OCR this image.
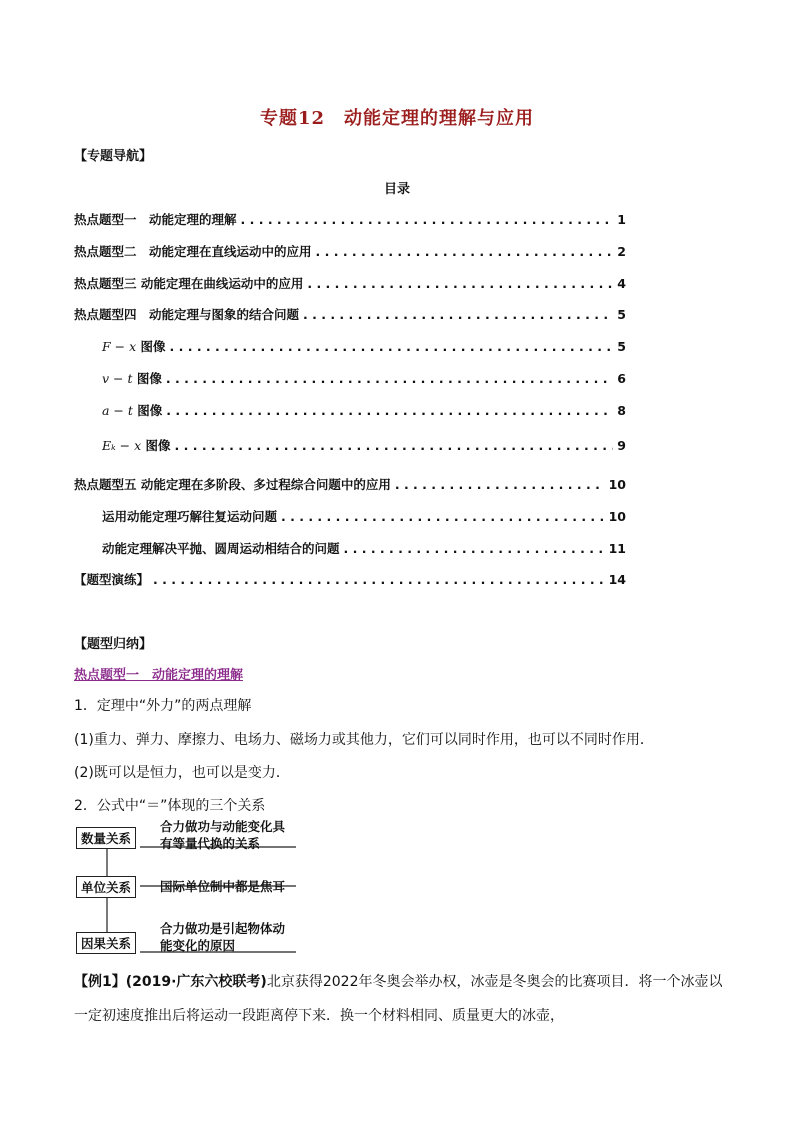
专题12　动能定理的理解与应用
【专题导航】
目录
热点题型一　动能定理的理解 . . .	1
热点题型二　动能定理在直线运动中的应用 . . .	2
热点题型三 动能定理在曲线运动中的应用 . . .	4
热点题型四　动能定理与图象的结合问题 . . .	5
F − x 图像 . . .	5
v − t 图像 . . .	6
a − t 图像 . . .	8
Eₖ − x 图像 . . .	9
热点题型五 动能定理在多阶段、多过程综合问题中的应用 . . .	10
运用动能定理巧解往复运动问题 . . .	10
动能定理解决平抛、圆周运动相结合的问题 . . .	11
【题型演练】 . . .	14
【题型归纳】
热点题型一　动能定理的理解
1．定理中“外力”的两点理解
(1)重力、弹力、摩擦力、电场力、磁场力或其他力，它们可以同时作用，也可以不同时作用．
(2)既可以是恒力，也可以是变力．
2．公式中“＝”体现的三个关系
数量关系
单位关系
因果关系
合力做功与动能变化具
有等量代换的关系
国际单位制中都是焦耳
合力做功是引起物体动
能变化的原因
【例1】(2019·广东六校联考)北京获得2022年冬奥会举办权，冰壶是冬奥会的比赛项目．将一个冰壶以一定初速度推出后将运动一段距离停下来．换一个材料相同、质量更大的冰壶，
